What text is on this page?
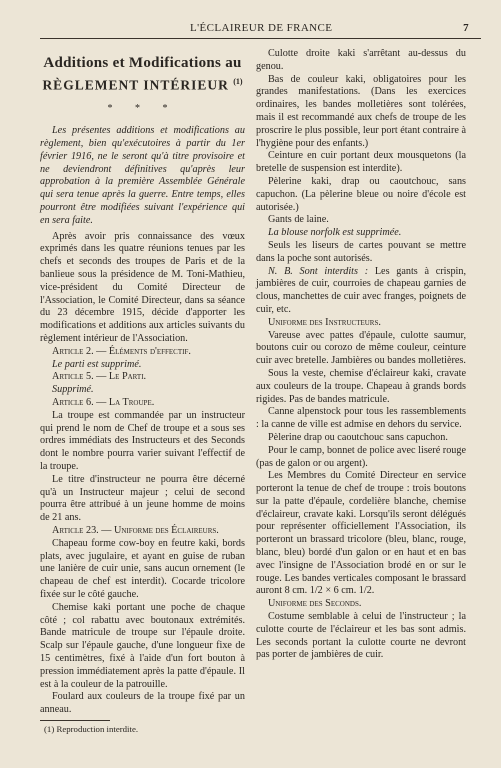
L'ÉCLAIREUR DE FRANCE	7
Additions et Modifications au
RÈGLEMENT INTÉRIEUR $^{(1)}$
* * *

Les présentes additions et modifications au règlement, bien qu'exécutoires à partir du 1er février 1916, ne le seront qu'à titre provisoire et ne deviendront définitives qu'après leur approbation à la première Assemblée Générale qui sera tenue après la guerre. Entre temps, elles pourront être modifiées suivant l'expérience qui en sera faite.

Après avoir pris connaissance des vœux exprimés dans les quatre réunions tenues par les chefs et seconds des troupes de Paris et de la banlieue sous la présidence de M. Toni-Mathieu, vice-président du Comité Directeur de l'Association, le Comité Directeur, dans sa séance du 23 décembre 1915, décide d'apporter les modifications et additions aux articles suivants du règlement intérieur de l'Association.

Article 2. — Éléments d'effectif.

Le parti est supprimé.

Article 5. — Le Parti.

Supprimé.

Article 6. — La Troupe.

La troupe est commandée par un instructeur qui prend le nom de Chef de troupe et a sous ses ordres immédiats des Instructeurs et des Seconds dont le nombre pourra varier suivant l'effectif de la troupe.

Le titre d'instructeur ne pourra être décerné qu'à un Instructeur majeur ; celui de second pourra être attribué à un jeune homme de moins de 21 ans.

Article 23. — Uniforme des Éclaireurs.

Chapeau forme cow-boy en feutre kaki, bords plats, avec jugulaire, et ayant en guise de ruban une lanière de cuir unie, sans aucun ornement (le chapeau de chef est interdit). Cocarde tricolore fixée sur le côté gauche.

Chemise kaki portant une poche de chaque côté ; col rabattu avec boutonaux extrémités. Bande matricule de troupe sur l'épaule droite. Scalp sur l'épaule gauche, d'une longueur fixe de 15 centimètres, fixé à l'aide d'un fort bouton à pression immédiatement après la patte d'épaule. Il est à la couleur de la patrouille.

Foulard aux couleurs de la troupe fixé par un anneau.

(1) Reproduction interdite.

Culotte droite kaki s'arrêtant au-dessus du genou.

Bas de couleur kaki, obligatoires pour les grandes manifestations. (Dans les exercices ordinaires, les bandes molletières sont tolérées, mais il est recommandé aux chefs de troupe de les proscrire le plus possible, leur port étant contraire à l'hygiène pour des enfants.)

Ceinture en cuir portant deux mousquetons (la bretelle de suspension est interdite).

Pèlerine kaki, drap ou caoutchouc, sans capuchon. (La pèlerine bleue ou noire d'école est autorisée.)

Gants de laine.

La blouse norfolk est supprimée.

Seuls les liseurs de cartes pouvant se mettre dans la poche sont autorisés.

N. B. Sont interdits : Les gants à crispin, jambières de cuir, courroies de chapeau garnies de clous, manchettes de cuir avec franges, poignets de cuir, etc.

Uniforme des Instructeurs.

Vareuse avec pattes d'épaule, culotte saumur, boutons cuir ou corozo de même couleur, ceinture cuir avec bretelle. Jambières ou bandes molletières.

Sous la veste, chemise d'éclaireur kaki, cravate aux couleurs de la troupe. Chapeau à grands bords rigides. Pas de bandes matricule.

Canne alpenstock pour tous les rassemblements : la canne de ville est admise en dehors du service.

Pèlerine drap ou caoutchouc sans capuchon.

Pour le camp, bonnet de police avec liseré rouge (pas de galon or ou argent).

Les Membres du Comité Directeur en service porteront la tenue de chef de troupe : trois boutons sur la patte d'épaule, cordelière blanche, chemise d'éclaireur, cravate kaki. Lorsqu'ils seront délégués pour représenter officiellement l'Association, ils porteront un brassard tricolore (bleu, blanc, rouge, blanc, bleu) bordé d'un galon or en haut et en bas avec l'insigne de l'Association brodé en or sur le rouge. Les bandes verticales composant le brassard auront 8 cm. 1/2 × 6 cm. 1/2.

Uniforme des Seconds.

Costume semblable à celui de l'instructeur ; la culotte courte de l'éclaireur et les bas sont admis. Les seconds portant la culotte courte ne devront pas porter de jambières de cuir.
